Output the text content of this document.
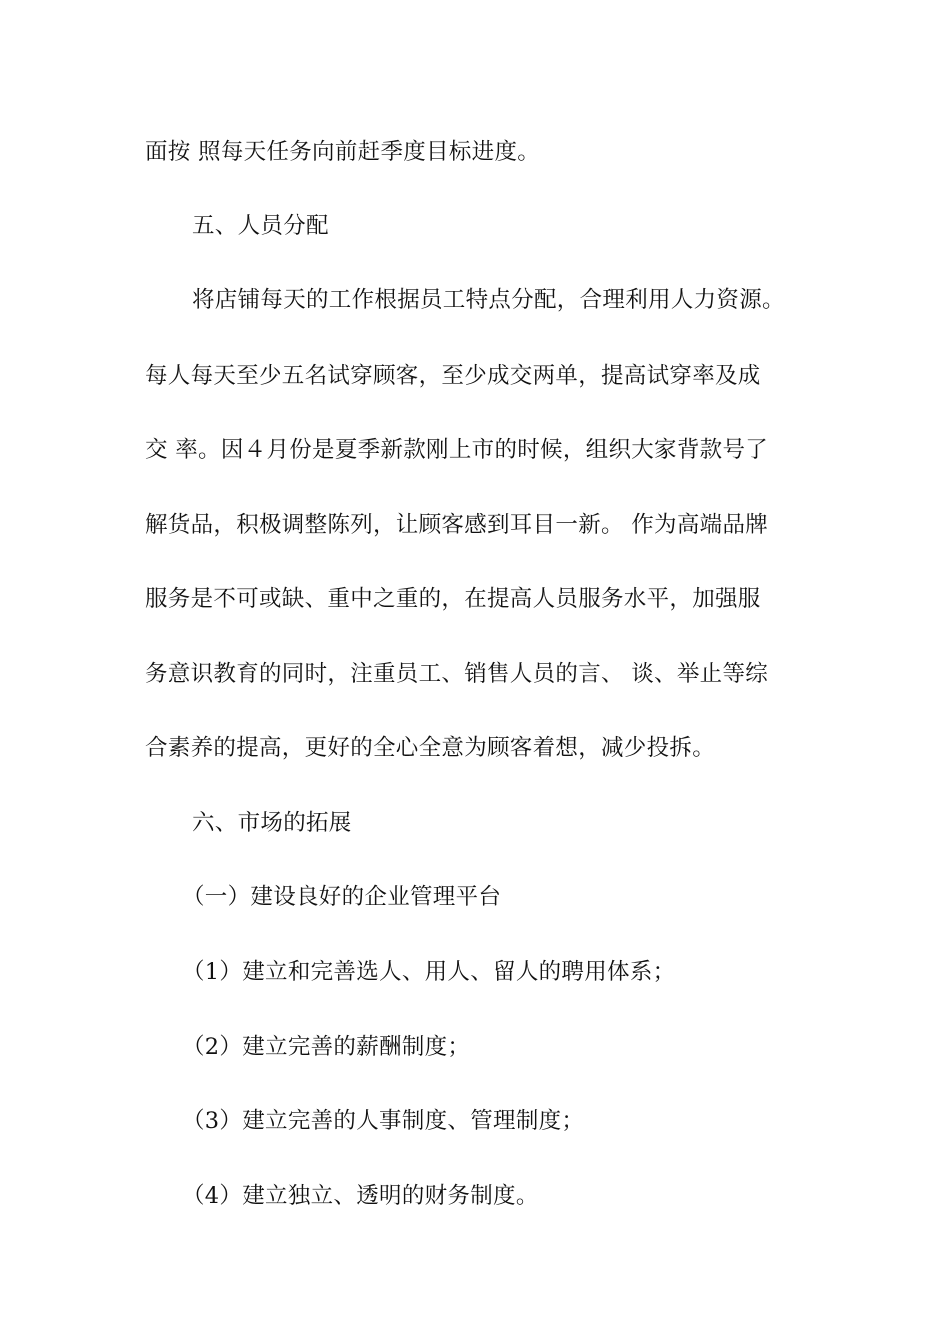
面按 照每天任务向前赶季度目标进度。
五、人员分配
将店铺每天的工作根据员工特点分配，合理利用人力资源。
每人每天至少五名试穿顾客，至少成交两单，提高试穿率及成
交 率。因４月份是夏季新款刚上市的时候，组织大家背款号了
解货品，积极调整陈列，让顾客感到耳目一新。 作为高端品牌
服务是不可或缺、重中之重的，在提高人员服务水平，加强服
务意识教育的同时，注重员工、销售人员的言、 谈、举止等综
合素养的提高，更好的全心全意为顾客着想，减少投拆。
六、市场的拓展
（一）建设良好的企业管理平台
（1）建立和完善选人、用人、留人的聘用体系；
（2）建立完善的薪酬制度；
（3）建立完善的人事制度、管理制度；
（4）建立独立、透明的财务制度。
